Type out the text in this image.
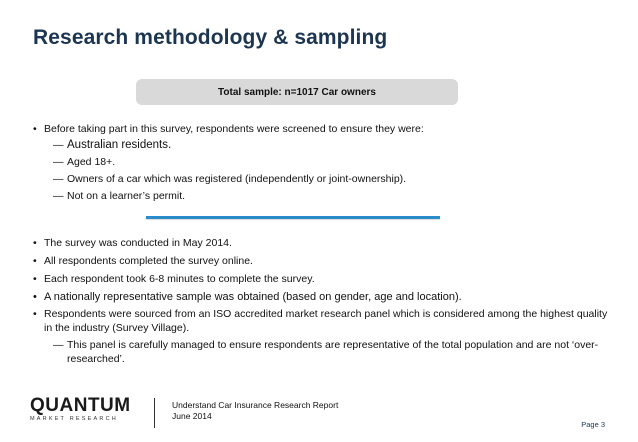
Research methodology & sampling
Total sample: n=1017 Car owners
• Before taking part in this survey, respondents were screened to ensure they were:
— Australian residents.
— Aged 18+.
— Owners of a car which was registered (independently or joint-ownership).
— Not on a learner’s permit.
• The survey was conducted in May 2014.
• All respondents completed the survey online.
• Each respondent took 6-8 minutes to complete the survey.
• A nationally representative sample was obtained (based on gender, age and location).
• Respondents were sourced from an ISO accredited market research panel which is considered among the highest quality in the industry (Survey Village).
— This panel is carefully managed to ensure respondents are representative of the total population and are not ‘over-researched’.
QUANTUM
MARKET RESEARCH
Understand Car Insurance Research Report
June 2014
Page 3
